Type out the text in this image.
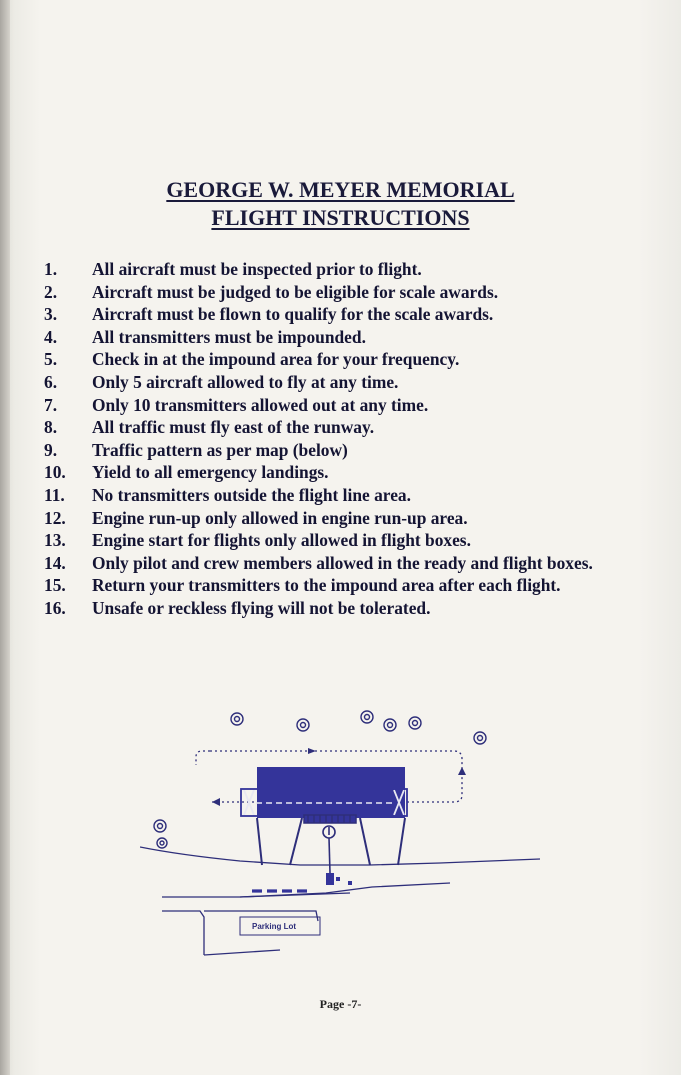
GEORGE W. MEYER MEMORIAL
FLIGHT INSTRUCTIONS
1.	All aircraft must be inspected prior to flight.
2.	Aircraft must be judged to be eligible for scale awards.
3.	Aircraft must be flown to qualify for the scale awards.
4.	All transmitters must be impounded.
5.	Check in at the impound area for your frequency.
6.	Only 5 aircraft allowed to fly at any time.
7.	Only 10 transmitters allowed out at any time.
8.	All traffic must fly east of the runway.
9.	Traffic pattern as per map (below)
10.	Yield to all emergency landings.
11.	No transmitters outside the flight line area.
12.	Engine run-up only allowed in engine run-up area.
13.	Engine start for flights only allowed in flight boxes.
14.	Only pilot and crew members allowed in the ready and flight boxes.
15.	Return your transmitters to the impound area after each flight.
16.	Unsafe or reckless flying will not be tolerated.
Parking Lot
Page -7-
